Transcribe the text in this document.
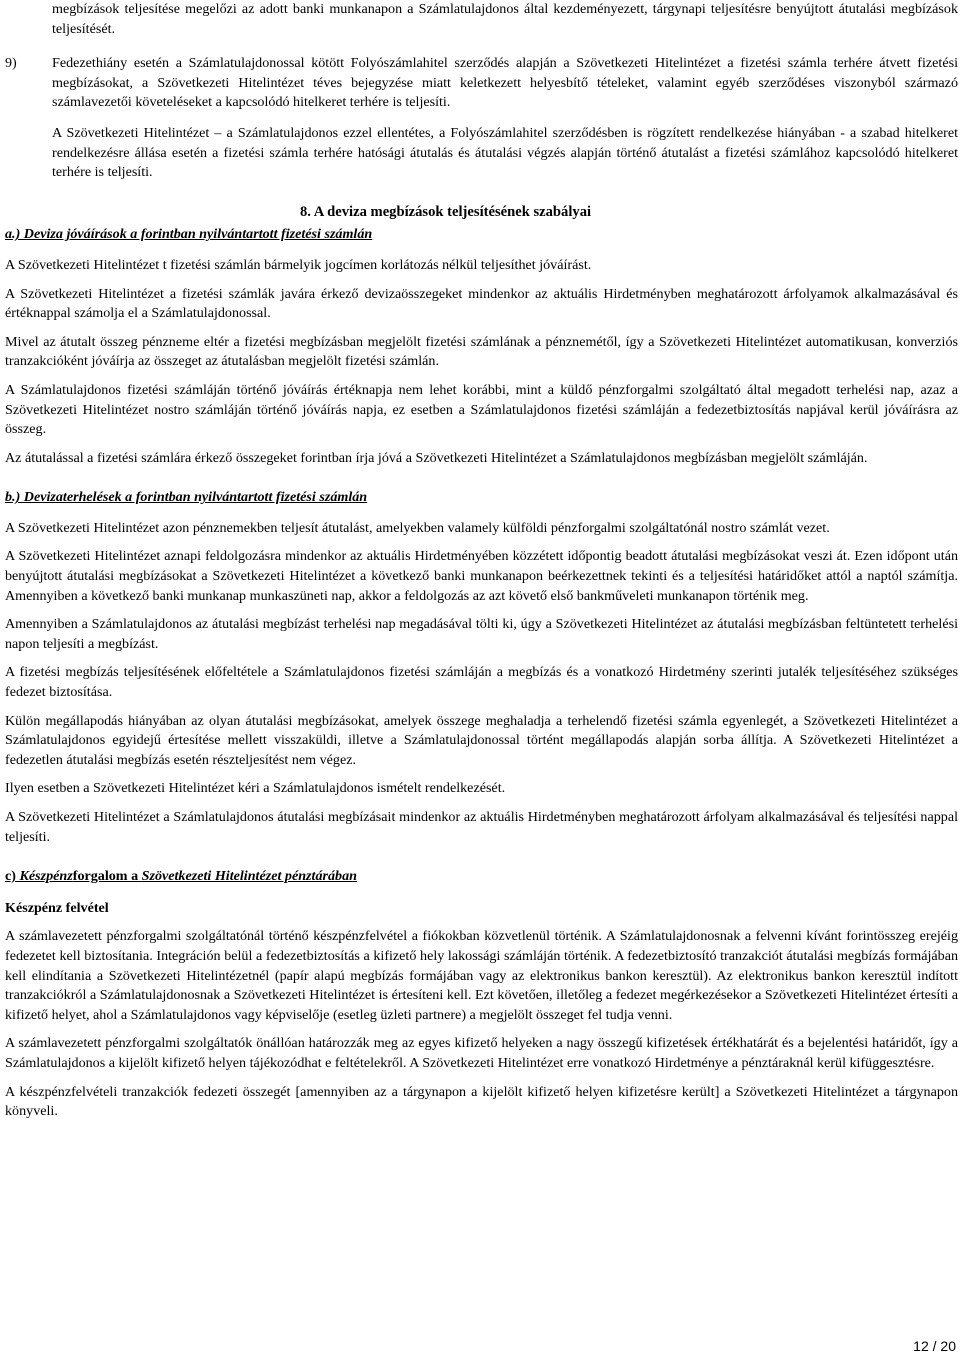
megbízások teljesítése megelőzi az adott banki munkanapon a Számlatulajdonos által kezdeményezett, tárgynapi teljesítésre benyújtott átutalási megbízások teljesítését.

9)	Fedezethiány esetén a Számlatulajdonossal kötött Folyószámlahitel szerződés alapján a Szövetkezeti Hitelintézet a fizetési számla terhére átvett fizetési megbízásokat, a Szövetkezeti Hitelintézet téves bejegyzése miatt keletkezett helyesbítő tételeket, valamint egyéb szerződéses viszonyból származó számlavezetői követeléseket a kapcsolódó hitelkeret terhére is teljesíti.

A Szövetkezeti Hitelintézet ‒ a Számlatulajdonos ezzel ellentétes, a Folyószámlahitel szerződésben is rögzített rendelkezése hiányában - a szabad hitelkeret rendelkezésre állása esetén a fizetési számla terhére hatósági átutalás és átutalási végzés alapján történő átutalást a fizetési számlához kapcsolódó hitelkeret terhére is teljesíti.

8. A deviza megbízások teljesítésének szabályai

a.) Deviza jóváírások a forintban nyilvántartott fizetési számlán

A Szövetkezeti Hitelintézet t fizetési számlán bármelyik jogcímen korlátozás nélkül teljesíthet jóváírást.

A Szövetkezeti Hitelintézet a fizetési számlák javára érkező devizaösszegeket mindenkor az aktuális Hirdetményben meghatározott árfolyamok alkalmazásával és értéknappal számolja el a Számlatulajdonossal.

Mivel az átutalt összeg pénzneme eltér a fizetési megbízásban megjelölt fizetési számlának a pénznemétől, így a Szövetkezeti Hitelintézet automatikusan, konverziós tranzakcióként jóváírja az összeget az átutalásban megjelölt fizetési számlán.

A Számlatulajdonos fizetési számláján történő jóváírás értéknapja nem lehet korábbi, mint a küldő pénzforgalmi szolgáltató által megadott terhelési nap, azaz a Szövetkezeti Hitelintézet nostro számláján történő jóváírás napja, ez esetben a Számlatulajdonos fizetési számláján a fedezetbiztosítás napjával kerül jóváírásra az összeg.

Az átutalással a fizetési számlára érkező összegeket forintban írja jóvá a Szövetkezeti Hitelintézet a Számlatulajdonos megbízásban megjelölt számláján.

b.) Devizaterhelések a forintban nyilvántartott fizetési számlán

A Szövetkezeti Hitelintézet azon pénznemekben teljesít átutalást, amelyekben valamely külföldi pénzforgalmi szolgáltatónál nostro számlát vezet.

A Szövetkezeti Hitelintézet aznapi feldolgozásra mindenkor az aktuális Hirdetményében közzétett időpontig beadott átutalási megbízásokat veszi át. Ezen időpont után benyújtott átutalási megbízásokat a Szövetkezeti Hitelintézet a következő banki munkanapon beérkezettnek tekinti és a teljesítési határidőket attól a naptól számítja. Amennyiben a következő banki munkanap munkaszüneti nap, akkor a feldolgozás az azt követő első bankműveleti munkanapon történik meg.

Amennyiben a Számlatulajdonos az átutalási megbízást terhelési nap megadásával tölti ki, úgy a Szövetkezeti Hitelintézet az átutalási megbízásban feltüntetett terhelési napon teljesíti a megbízást.

A fizetési megbízás teljesítésének előfeltétele a Számlatulajdonos fizetési számláján a megbízás és a vonatkozó Hirdetmény szerinti jutalék teljesítéséhez szükséges fedezet biztosítása.

Külön megállapodás hiányában az olyan átutalási megbízásokat, amelyek összege meghaladja a terhelendő fizetési számla egyenlegét, a Szövetkezeti Hitelintézet a Számlatulajdonos egyidejű értesítése mellett visszaküldi, illetve a Számlatulajdonossal történt megállapodás alapján sorba állítja. A Szövetkezeti Hitelintézet a fedezetlen átutalási megbízás esetén részteljesítést nem végez.

Ilyen esetben a Szövetkezeti Hitelintézet kéri a Számlatulajdonos ismételt rendelkezését.

A Szövetkezeti Hitelintézet a Számlatulajdonos átutalási megbízásait mindenkor az aktuális Hirdetményben meghatározott árfolyam alkalmazásával és teljesítési nappal teljesíti.

c) Készpénzforgalom a Szövetkezeti Hitelintézet pénztárában

Készpénz felvétel

A számlavezetett pénzforgalmi szolgáltatónál történő készpénzfelvétel a fiókokban közvetlenül történik. A Számlatulajdonosnak a felvenni kívánt forintösszeg erejéig fedezetet kell biztosítania. Integráción belül a fedezetbiztosítás a kifizető hely lakossági számláján történik. A fedezetbiztosító tranzakciót átutalási megbízás formájában kell elindítania a Szövetkezeti Hitelintézetnél (papír alapú megbízás formájában vagy az elektronikus bankon keresztül). Az elektronikus bankon keresztül indított tranzakciókról a Számlatulajdonosnak a Szövetkezeti Hitelintézet is értesíteni kell. Ezt követően, illetőleg a fedezet megérkezésekor a Szövetkezeti Hitelintézet értesíti a kifizető helyet, ahol a Számlatulajdonos vagy képviselője (esetleg üzleti partnere) a megjelölt összeget fel tudja venni.

A számlavezetett pénzforgalmi szolgáltatók önállóan határozzák meg az egyes kifizető helyeken a nagy összegű kifizetések értékhatárát és a bejelentési határidőt, így a Számlatulajdonos a kijelölt kifizető helyen tájékozódhat e feltételekről. A Szövetkezeti Hitelintézet erre vonatkozó Hirdetménye a pénztáraknál kerül kifüggesztésre.

A készpénzfelvételi tranzakciók fedezeti összegét [amennyiben az a tárgynapon a kijelölt kifizető helyen kifizetésre került] a Szövetkezeti Hitelintézet a tárgynapon könyveli.

12 / 20
